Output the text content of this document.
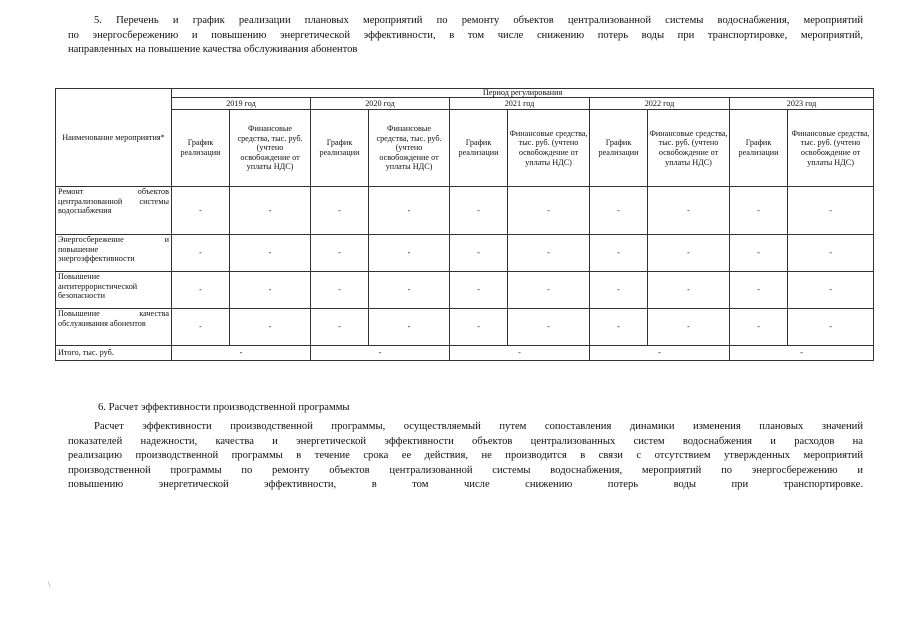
5. Перечень и график реализации плановых мероприятий по ремонту объектов централизованной системы водоснабжения, мероприятий
по энергосбережению и повышению энергетической эффективности, в том числе снижению потерь воды при транспортировке, мероприятий,
направленных на повышение качества обслуживания абонентов
Наименование мероприятия*	Период регулирования									
	2019 год		2020 год		2021 год		2022 год		2023 год	
	График реализации	Финансовые средства, тыс. руб. (учтено освобождение от уплаты НДС)	График реализации	Финансовые средства, тыс. руб. (учтено освобождение от уплаты НДС)	График реализации	Финансовые средства, тыс. руб. (учтено освобождение от уплаты НДС)	График реализации	Финансовые средства, тыс. руб. (учтено освобождение от уплаты НДС)	График реализации	Финансовые средства, тыс. руб. (учтено освобождение от уплаты НДС)
Ремонт объектов централизованной системы водоснабжения	-	-	-	-	-	-	-	-	-	-
Энергосбережение и повышение энергоэффективности	-	-	-	-	-	-	-	-	-	-
Повышение антитеррористической безопасности	-	-	-	-	-	-	-	-	-	-
Повышение качества обслуживания абонентов	-	-	-	-	-	-	-	-	-	-
Итого, тыс. руб.	-		-		-		-		-	
6. Расчет эффективности производственной программы
Расчет эффективности производственной программы, осуществляемый путем сопоставления динамики изменения плановых значений
показателей надежности, качества и энергетической эффективности объектов централизованных систем водоснабжения и расходов на
реализацию производственной программы в течение срока ее действия, не производится в связи с отсутствием утвержденных мероприятий
производственной программы по ремонту объектов централизованной системы водоснабжения, мероприятий по энергосбережению и
повышению энергетической эффективности, в том числе снижению потерь воды при транспортировке.
\
